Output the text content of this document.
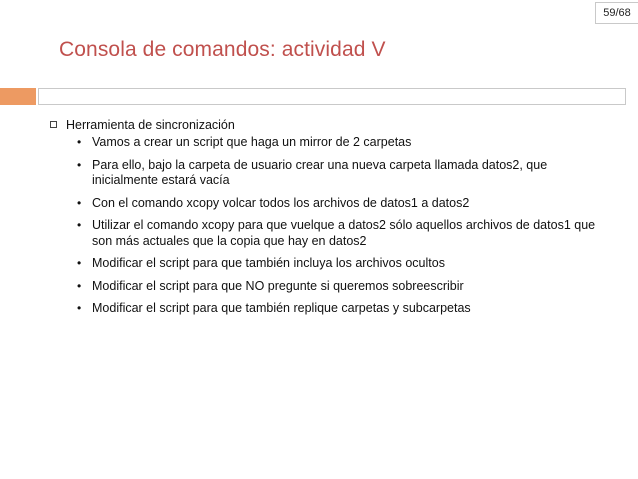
59/68
Consola de comandos: actividad V
Herramienta de sincronización
• Vamos a crear un script que haga un mirror de 2 carpetas
• Para ello, bajo la carpeta de usuario crear una nueva carpeta llamada datos2, que inicialmente estará vacía
• Con el comando xcopy volcar todos los archivos de datos1 a datos2
• Utilizar el comando xcopy para que vuelque a datos2 sólo aquellos archivos de datos1 que son más actuales que la copia que hay en datos2
• Modificar el script para que también incluya los archivos ocultos
• Modificar el script para que NO pregunte si queremos sobreescribir
• Modificar el script para que también replique carpetas y subcarpetas
